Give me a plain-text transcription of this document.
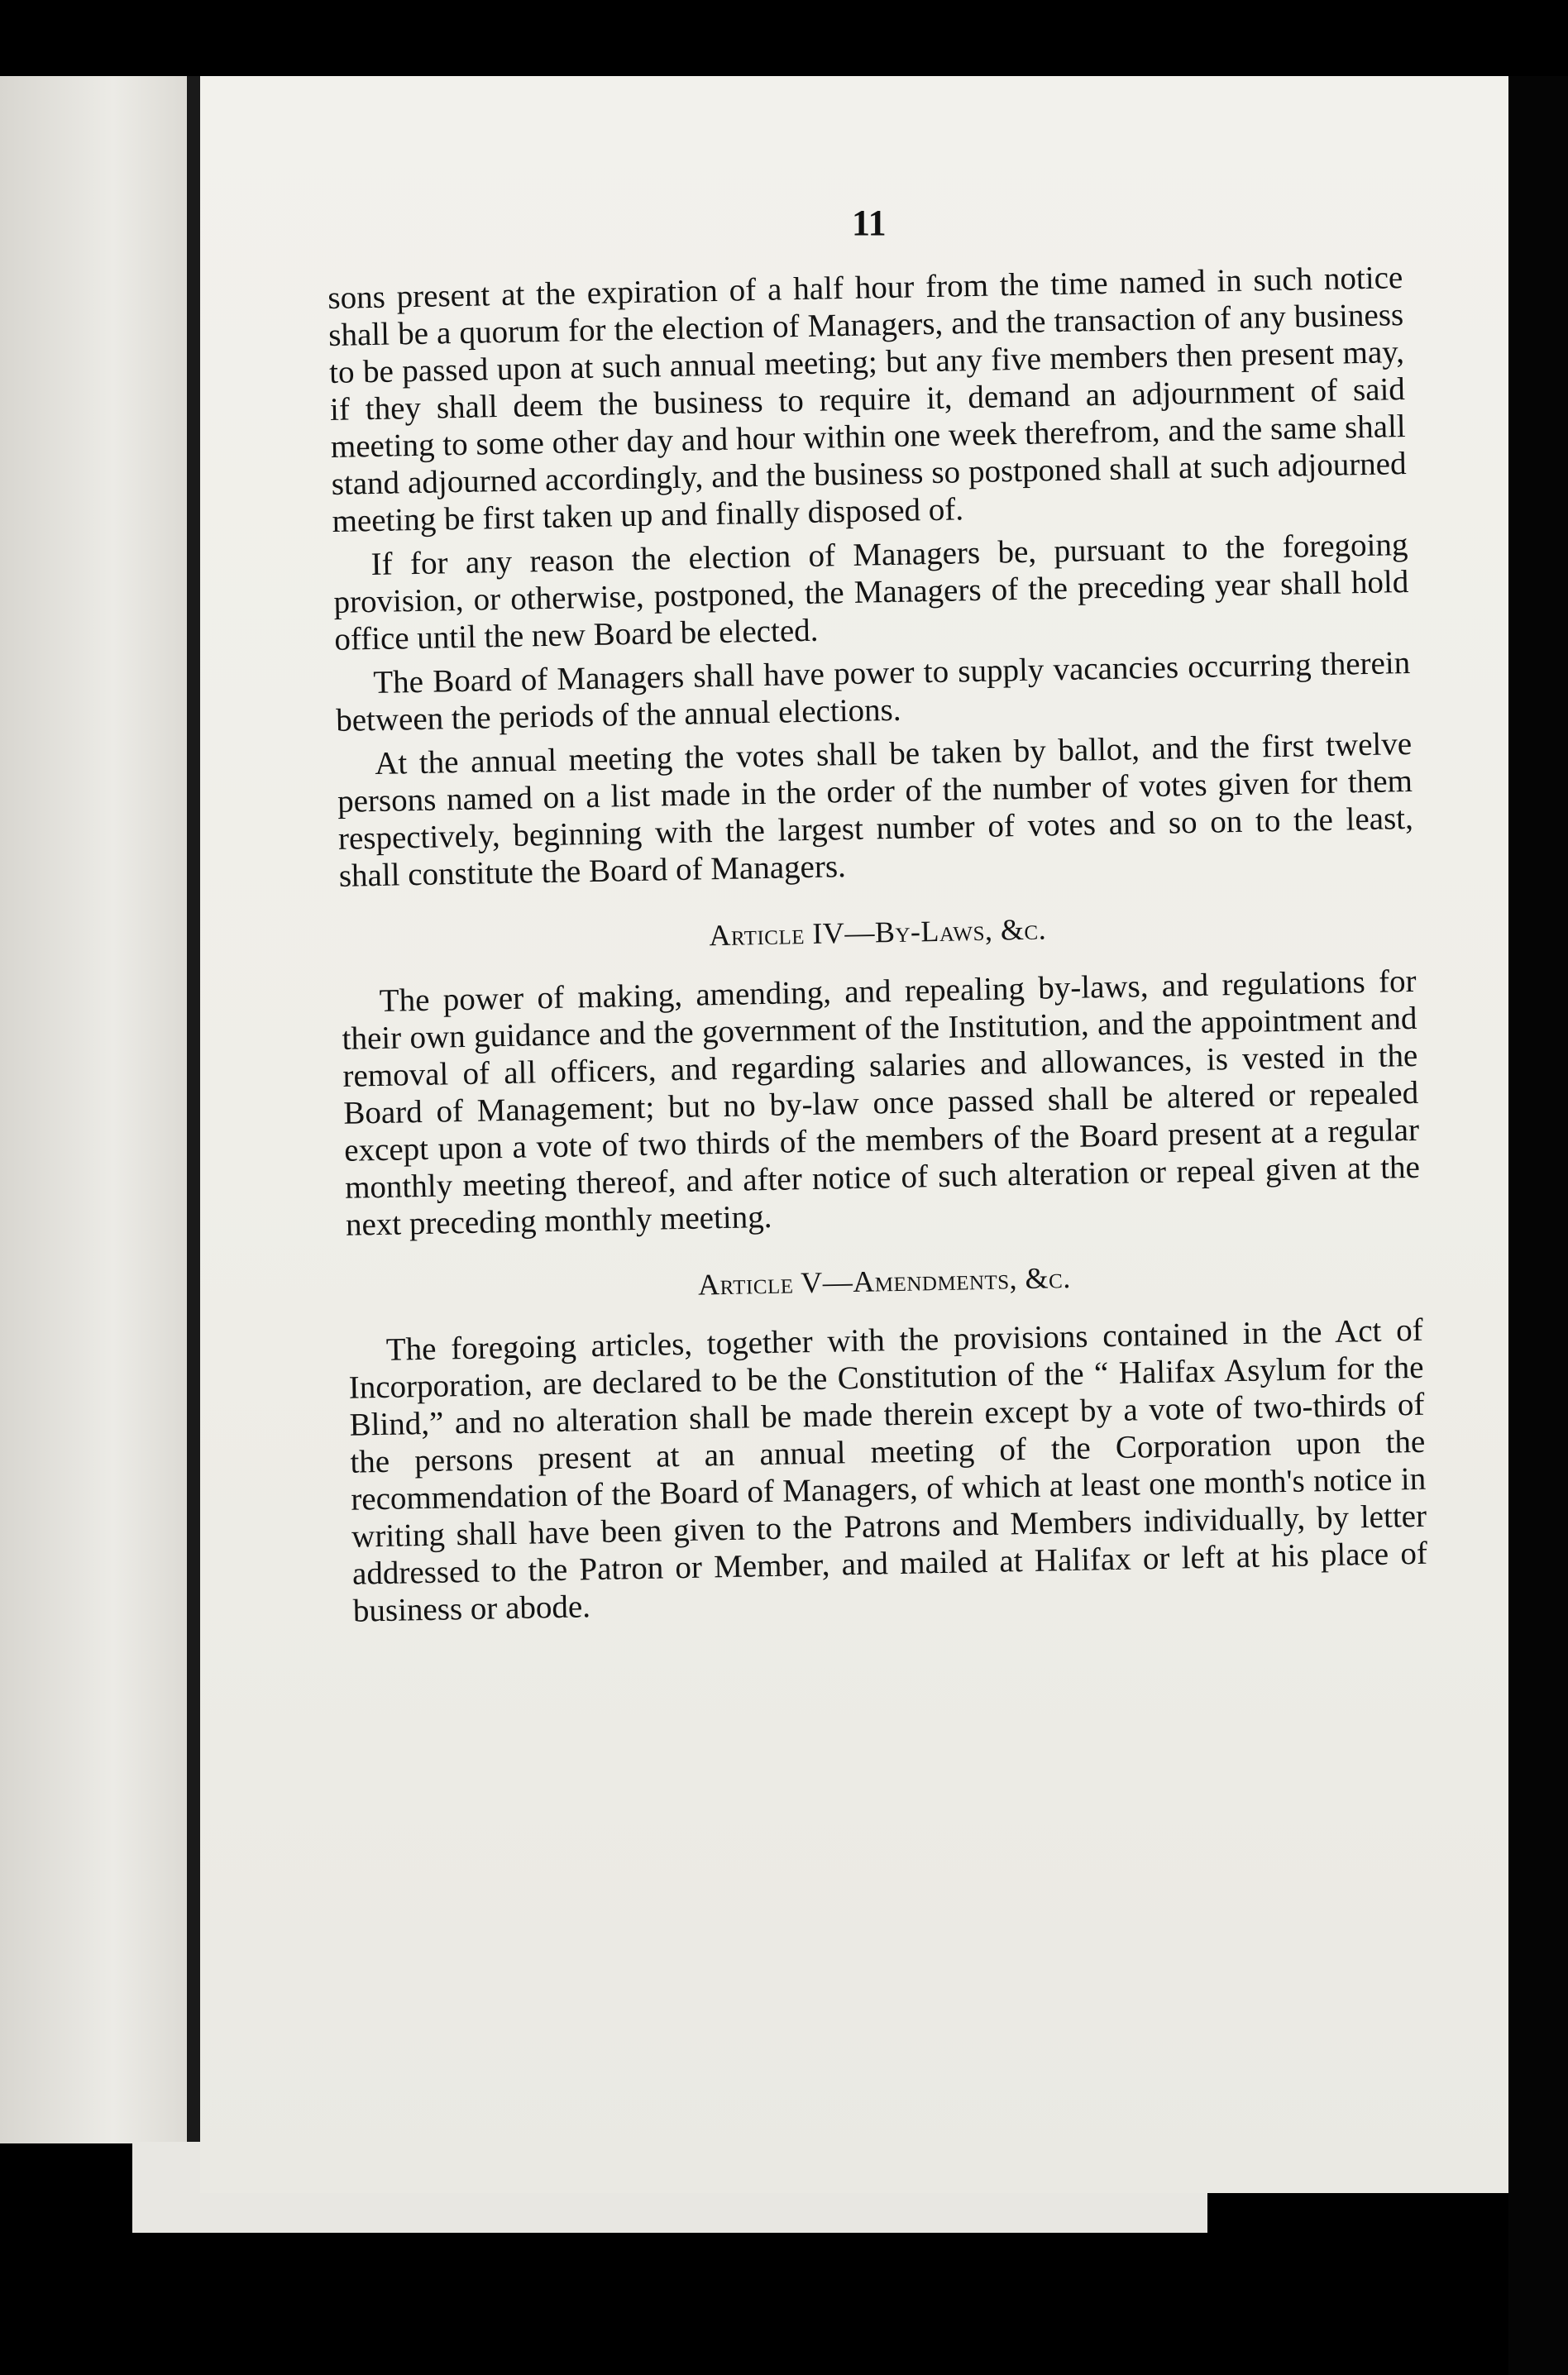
11

sons present at the expiration of a half hour from the time named in such notice shall be a quorum for the election of Managers, and the transaction of any business to be passed upon at such annual meeting; but any five members then present may, if they shall deem the business to require it, demand an adjournment of said meeting to some other day and hour within one week therefrom, and the same shall stand adjourned accordingly, and the business so postponed shall at such adjourned meeting be first taken up and finally disposed of.

If for any reason the election of Managers be, pursuant to the foregoing provision, or otherwise, postponed, the Managers of the preceding year shall hold office until the new Board be elected.

The Board of Managers shall have power to supply vacancies occurring therein between the periods of the annual elections.

At the annual meeting the votes shall be taken by ballot, and the first twelve persons named on a list made in the order of the number of votes given for them respectively, beginning with the largest number of votes and so on to the least, shall constitute the Board of Managers.

Article IV—By-Laws, &c.

The power of making, amending, and repealing by-laws, and regulations for their own guidance and the government of the Institution, and the appointment and removal of all officers, and regarding salaries and allowances, is vested in the Board of Management; but no by-law once passed shall be altered or repealed except upon a vote of two thirds of the members of the Board present at a regular monthly meeting thereof, and after notice of such alteration or repeal given at the next preceding monthly meeting.

Article V—Amendments, &c.

The foregoing articles, together with the provisions contained in the Act of Incorporation, are declared to be the Constitution of the “ Halifax Asylum for the Blind,” and no alteration shall be made therein except by a vote of two-thirds of the persons present at an annual meeting of the Corporation upon the recommendation of the Board of Managers, of which at least one month's notice in writing shall have been given to the Patrons and Members individually, by letter addressed to the Patron or Member, and mailed at Halifax or left at his place of business or abode.
